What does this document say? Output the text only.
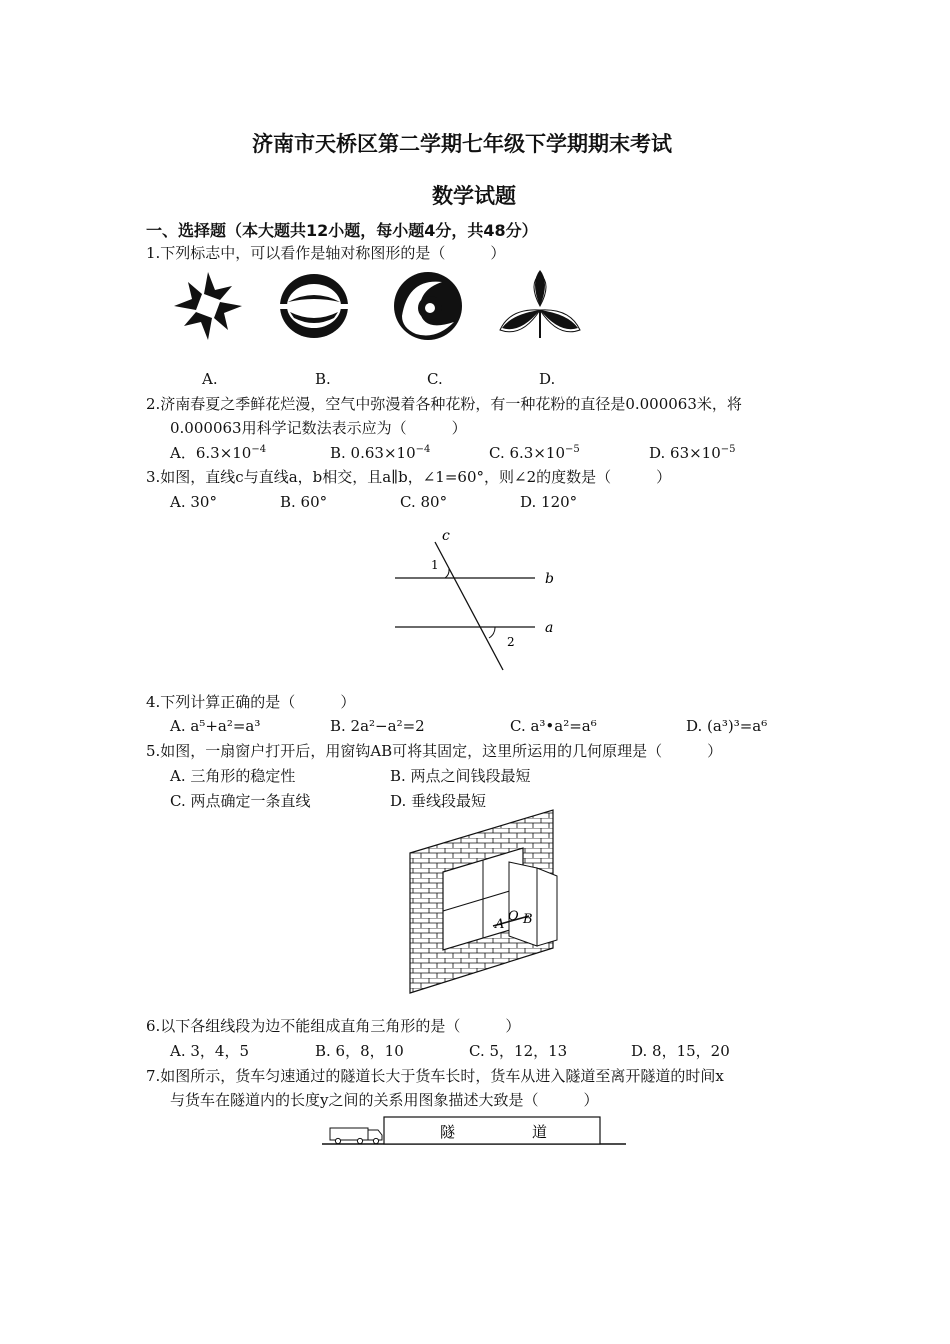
济南市天桥区第二学期七年级下学期期末考试
数学试题
一、选择题（本大题共12小题，每小题4分，共48分）
1.下列标志中，可以看作是轴对称图形的是（　　　）
A.	B.	C.	D.
2.济南春夏之季鲜花烂漫，空气中弥漫着各种花粉，有一种花粉的直径是0.000063米，将
0.000063用科学记数法表示应为（　　　）
A．$6.3\times 10^{-4}$	B. $0.63\times 10^{-4}$	C. $6.3\times 10^{-5}$	D. $63\times 10^{-5}$
3.如图，直线c与直线a，b相交，且a∥b，∠1=60°，则∠2的度数是（　　　）
A. 30°	B. 60°	C. 80°	D. 120°
c
b
a
1
2
4.下列计算正确的是（　　　）
A. a⁵+a²=a³	B. 2a²−a²=2	C. a³•a²=a⁶	D. (a³)³=a⁶
5.如图，一扇窗户打开后，用窗钩AB可将其固定，这里所运用的几何原理是（　　　）
A. 三角形的稳定性	B. 两点之间钱段最短
C. 两点确定一条直线	D. 垂线段最短
A
O B
6.以下各组线段为边不能组成直角三角形的是（　　　）
A. 3，4，5	B. 6，8，10	C. 5，12，13	D. 8，15，20
7.如图所示，货车匀速通过的隧道长大于货车长时，货车从进入隧道至离开隧道的时间x
与货车在隧道内的长度y之间的关系用图象描述大致是（　　　）
隧	道
